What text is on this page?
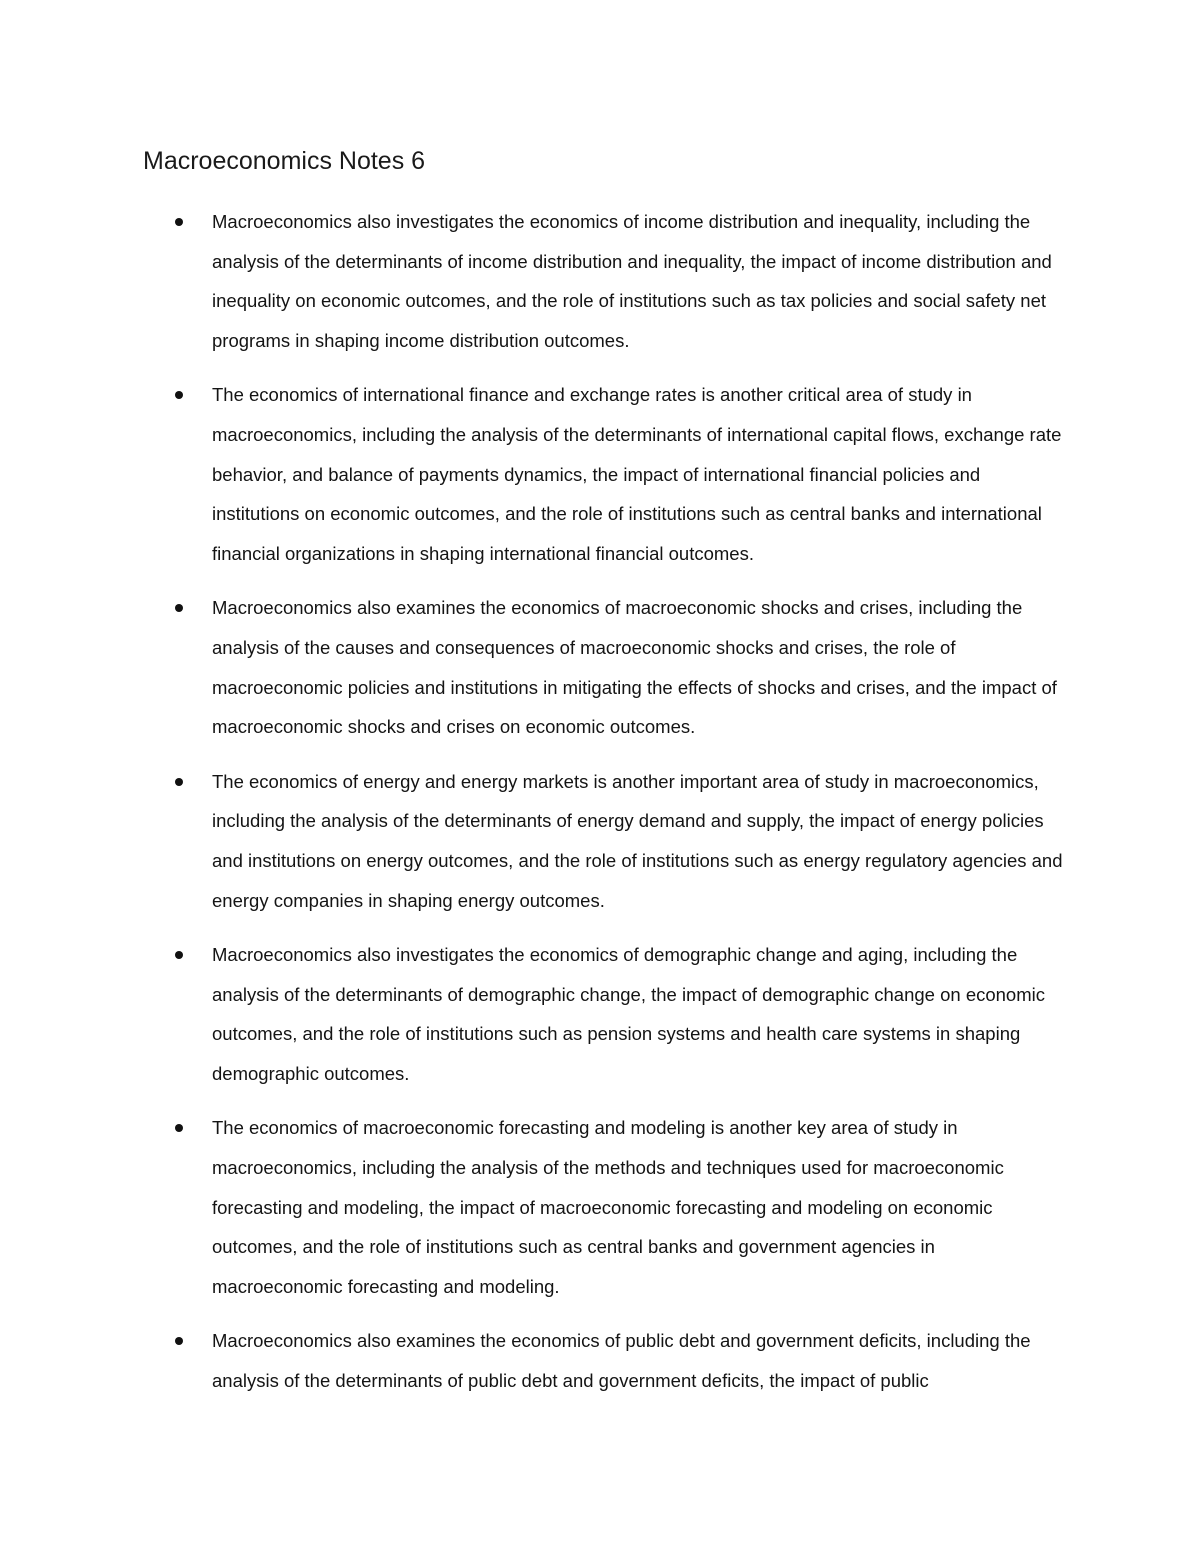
Macroeconomics Notes 6
Macroeconomics also investigates the economics of income distribution and inequality, including the analysis of the determinants of income distribution and inequality, the impact of income distribution and inequality on economic outcomes, and the role of institutions such as tax policies and social safety net programs in shaping income distribution outcomes.
The economics of international finance and exchange rates is another critical area of study in macroeconomics, including the analysis of the determinants of international capital flows, exchange rate behavior, and balance of payments dynamics, the impact of international financial policies and institutions on economic outcomes, and the role of institutions such as central banks and international financial organizations in shaping international financial outcomes.
Macroeconomics also examines the economics of macroeconomic shocks and crises, including the analysis of the causes and consequences of macroeconomic shocks and crises, the role of macroeconomic policies and institutions in mitigating the effects of shocks and crises, and the impact of macroeconomic shocks and crises on economic outcomes.
The economics of energy and energy markets is another important area of study in macroeconomics, including the analysis of the determinants of energy demand and supply, the impact of energy policies and institutions on energy outcomes, and the role of institutions such as energy regulatory agencies and energy companies in shaping energy outcomes.
Macroeconomics also investigates the economics of demographic change and aging, including the analysis of the determinants of demographic change, the impact of demographic change on economic outcomes, and the role of institutions such as pension systems and health care systems in shaping demographic outcomes.
The economics of macroeconomic forecasting and modeling is another key area of study in macroeconomics, including the analysis of the methods and techniques used for macroeconomic forecasting and modeling, the impact of macroeconomic forecasting and modeling on economic outcomes, and the role of institutions such as central banks and government agencies in macroeconomic forecasting and modeling.
Macroeconomics also examines the economics of public debt and government deficits, including the analysis of the determinants of public debt and government deficits, the impact of public
